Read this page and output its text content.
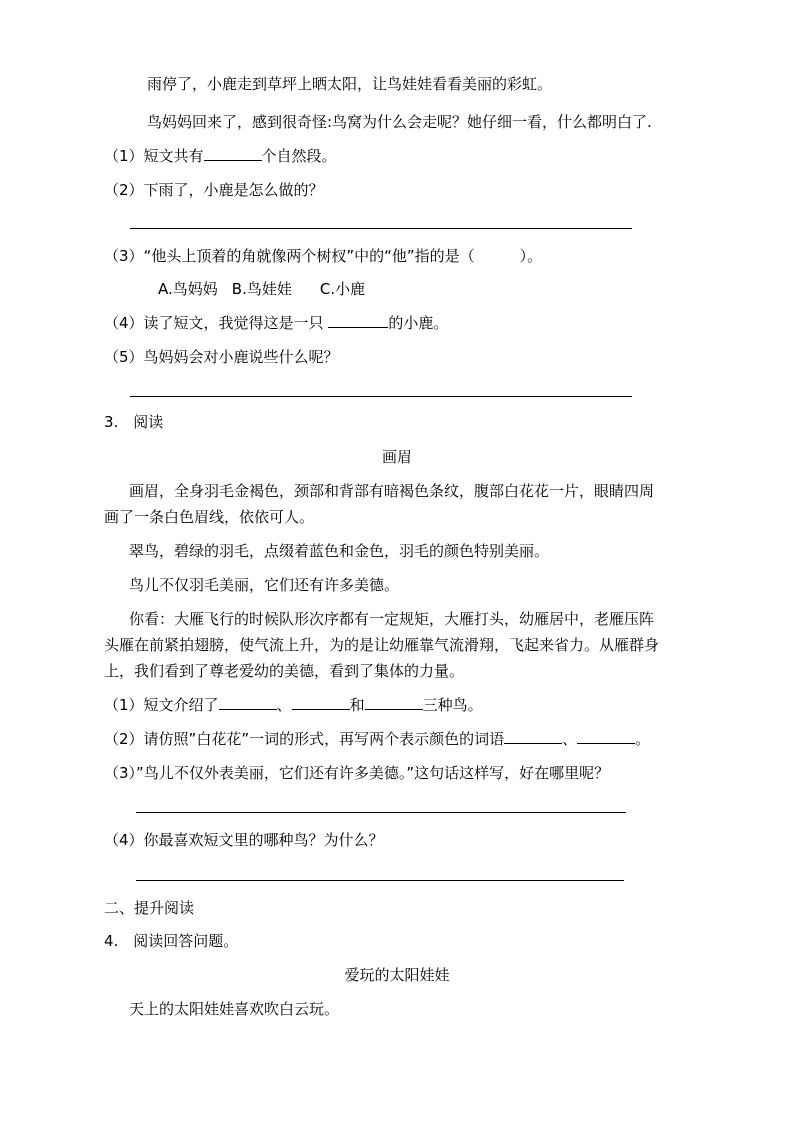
雨停了，小鹿走到草坪上晒太阳，让鸟娃娃看看美丽的彩虹。
鸟妈妈回来了，感到很奇怪:鸟窝为什么会走呢？她仔细一看，什么都明白了.
（1）短文共有	个自然段。
（2）下雨了，小鹿是怎么做的？
（3）“他头上顶着的角就像两个树杈”中的“他”指的是（　　　）。
A.鸟妈妈 B.鸟娃娃 C.小鹿
（4）读了短文，我觉得这是一只	的小鹿。
（5）鸟妈妈会对小鹿说些什么呢？
3.　阅读
画眉
画眉，全身羽毛金褐色，颈部和背部有暗褐色条纹，腹部白花花一片，眼睛四周
画了一条白色眉线，依依可人。
翠鸟，碧绿的羽毛，点缀着蓝色和金色，羽毛的颜色特别美丽。
鸟儿不仅羽毛美丽，它们还有许多美德。
你看：大雁飞行的时候队形次序都有一定规矩，大雁打头，幼雁居中，老雁压阵
头雁在前紧拍翅膀，使气流上升，为的是让幼雁靠气流滑翔，飞起来省力。从雁群身
上，我们看到了尊老爱幼的美德，看到了集体的力量。
（1）短文介绍了	、	和	三种鸟。
（2）请仿照”白花花”一词的形式，再写两个表示颜色的词语	、	。
（3）”鸟儿不仅外表美丽，它们还有许多美德。”这句话这样写，好在哪里呢？
（4）你最喜欢短文里的哪种鸟？为什么？
二、提升阅读
4.　阅读回答问题。
爱玩的太阳娃娃
天上的太阳娃娃喜欢吹白云玩。
